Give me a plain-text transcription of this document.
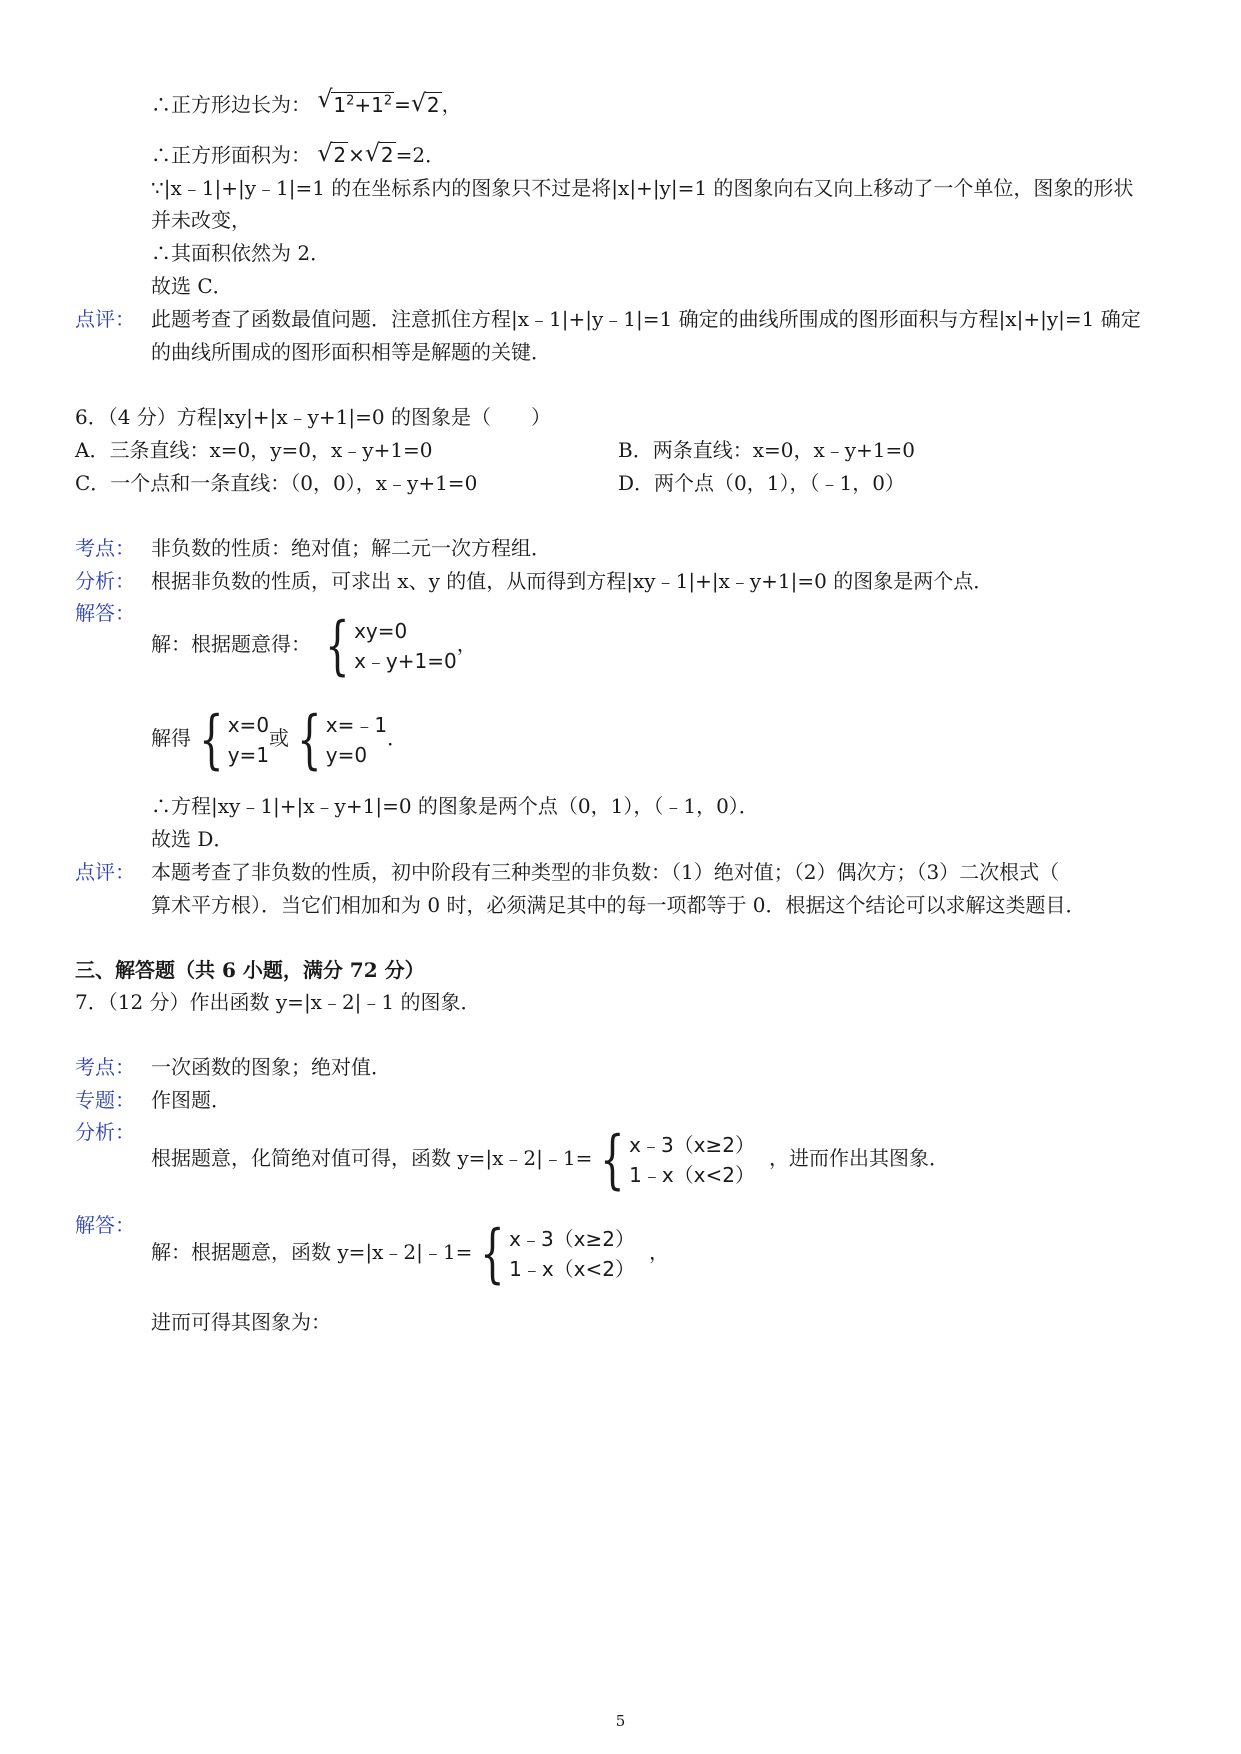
∴正方形边长为： √ $1^2+1^2$ = √ 2 ，
∴正方形面积为： √ 2 × √ 2 =2．
∵|x﹣1|+|y﹣1|=1 的在坐标系内的图象只不过是将|x|+|y|=1 的图象向右又向上移动了一个单位，图象的形状
并未改变，
∴其面积依然为 2．
故选 C．
点评： 此题考查了函数最值问题．注意抓住方程|x﹣1|+|y﹣1|=1 确定的曲线所围成的图形面积与方程|x|+|y|=1 确定
的曲线所围成的图形面积相等是解题的关键．
6．（4 分）方程|xy|+|x﹣y+1|=0 的图象是（　　）
A．三条直线：x=0，y=0，x﹣y+1=0	B．两条直线：x=0，x﹣y+1=0
C．一个点和一条直线：（0，0），x﹣y+1=0	D．两个点（0，1），（﹣1，0）
考点： 非负数的性质：绝对值；解二元一次方程组．
分析： 根据非负数的性质，可求出 x、y 的值，从而得到方程|xy﹣1|+|x﹣y+1|=0 的图象是两个点．
解答：
解：根据题意得： { xy=0
x﹣y+1=0
，
解得 { x=0
y=1
或 { x=﹣1
y=0
．
∴方程|xy﹣1|+|x﹣y+1|=0 的图象是两个点（0，1），（﹣1，0）．
故选 D．
点评： 本题考查了非负数的性质，初中阶段有三种类型的非负数：（1）绝对值；（2）偶次方；（3）二次根式（
算术平方根）．当它们相加和为 0 时，必须满足其中的每一项都等于 0．根据这个结论可以求解这类题目．
三、解答题（共 6 小题，满分 72 分）
7．（12 分）作出函数 y=|x﹣2|﹣1 的图象．
考点： 一次函数的图象；绝对值．
专题： 作图题．
分析：
根据题意，化简绝对值可得，函数 y=|x﹣2|﹣1= { x﹣3（x≥2）
1﹣x（x<2）
，进而作出其图象．
解答：
解：根据题意，函数 y=|x﹣2|﹣1= { x﹣3（x≥2）
1﹣x（x<2）
，
进而可得其图象为：
5
